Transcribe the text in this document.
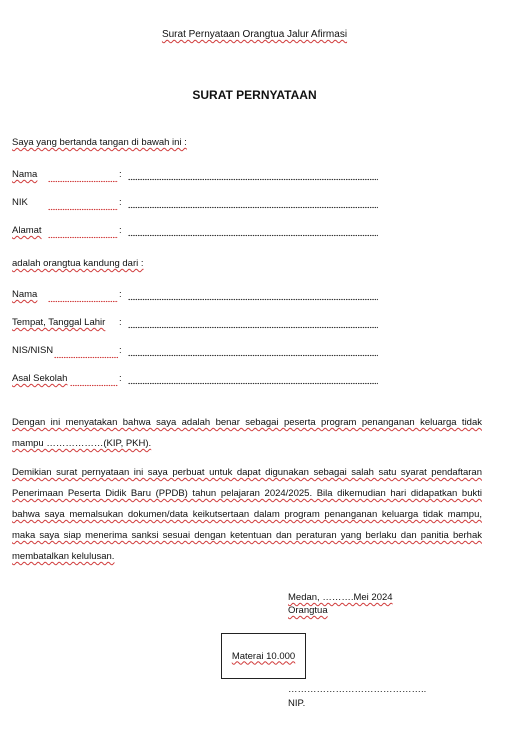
Surat Pernyataan Orangtua Jalur Afirmasi
SURAT PERNYATAAN
Saya yang bertanda tangan di bawah ini :
Nama	:
NIK	:
Alamat	:
adalah orangtua kandung dari :
Nama	:
Tempat, Tanggal Lahir :
NIS/NISN	:
Asal Sekolah	:
Dengan ini menyatakan bahwa saya adalah benar sebagai peserta program penanganan keluarga tidak mampu ………………(KIP, PKH).
Demikian surat pernyataan ini saya perbuat untuk dapat digunakan sebagai salah satu syarat pendaftaran Penerimaan Peserta Didik Baru (PPDB) tahun pelajaran 2024/2025. Bila dikemudian hari didapatkan bukti bahwa saya memalsukan dokumen/data keikutsertaan dalam program penanganan keluarga tidak mampu, maka saya siap menerima sanksi sesuai dengan ketentuan dan peraturan yang berlaku dan panitia berhak membatalkan kelulusan.
Medan, ……….Mei 2024
Orangtua
Materai 10.000
……………………………………..
NIP.
